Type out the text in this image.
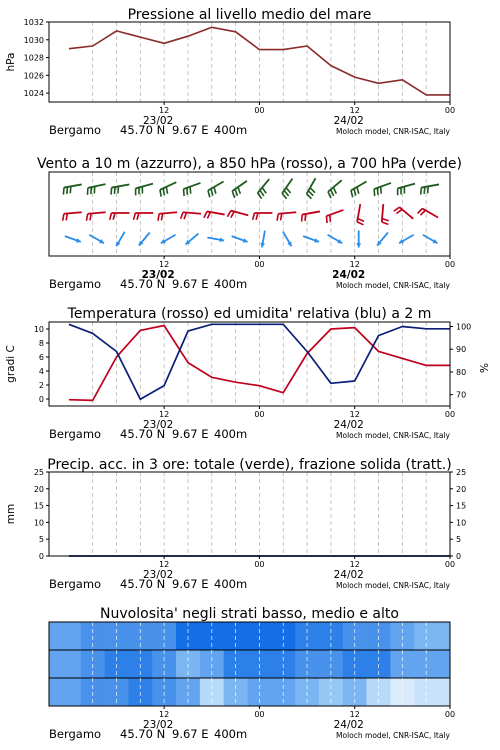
Pressione al livello medio del mare
1024
1026
1028
1030
1032
hPa
12	00	12	00
23/02	24/02
Bergamo 45.70 N 9.67 E 400m	Moloch model, CNR-ISAC, Italy
Vento a 10 m (azzurro), a 850 hPa (rosso), a 700 hPa (verde)
12	00	12	00
23/02	24/02
Bergamo 45.70 N 9.67 E 400m	Moloch model, CNR-ISAC, Italy
Temperatura (rosso) ed umidita' relativa (blu) a 2 m
0
2
4
6
8
10
70
80
90
100
gradi C	%
12	00	12	00
23/02	24/02
Bergamo 45.70 N 9.67 E 400m	Moloch model, CNR-ISAC, Italy
Precip. acc. in 3 ore: totale (verde), frazione solida (tratt.)
0
5
10
15
20
25
0
5
10
15
20
25
mm
12	00	12	00
23/02	24/02
Bergamo 45.70 N 9.67 E 400m	Moloch model, CNR-ISAC, Italy
Nuvolosita' negli strati basso, medio e alto
12	00	12	00
23/02	24/02
Bergamo 45.70 N 9.67 E 400m	Moloch model, CNR-ISAC, Italy
